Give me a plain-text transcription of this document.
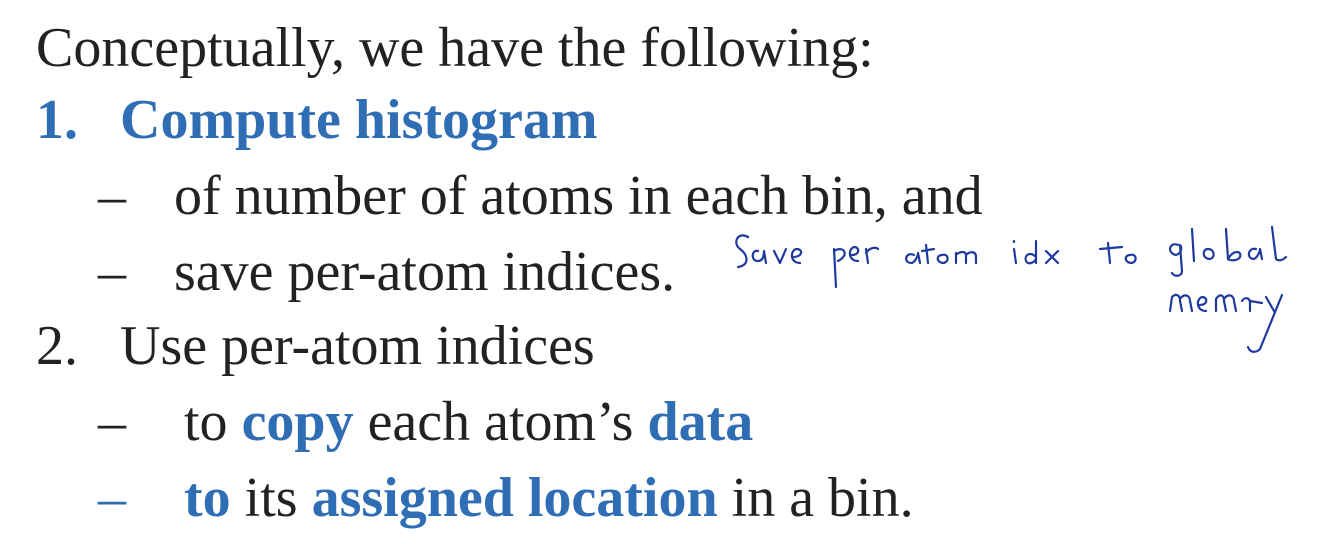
Conceptually, we have the following:
1. Compute histogram
– of number of atoms in each bin, and
– save per-atom indices.
2. Use per-atom indices
– to copy each atom’s data
– to its assigned location in a bin.
